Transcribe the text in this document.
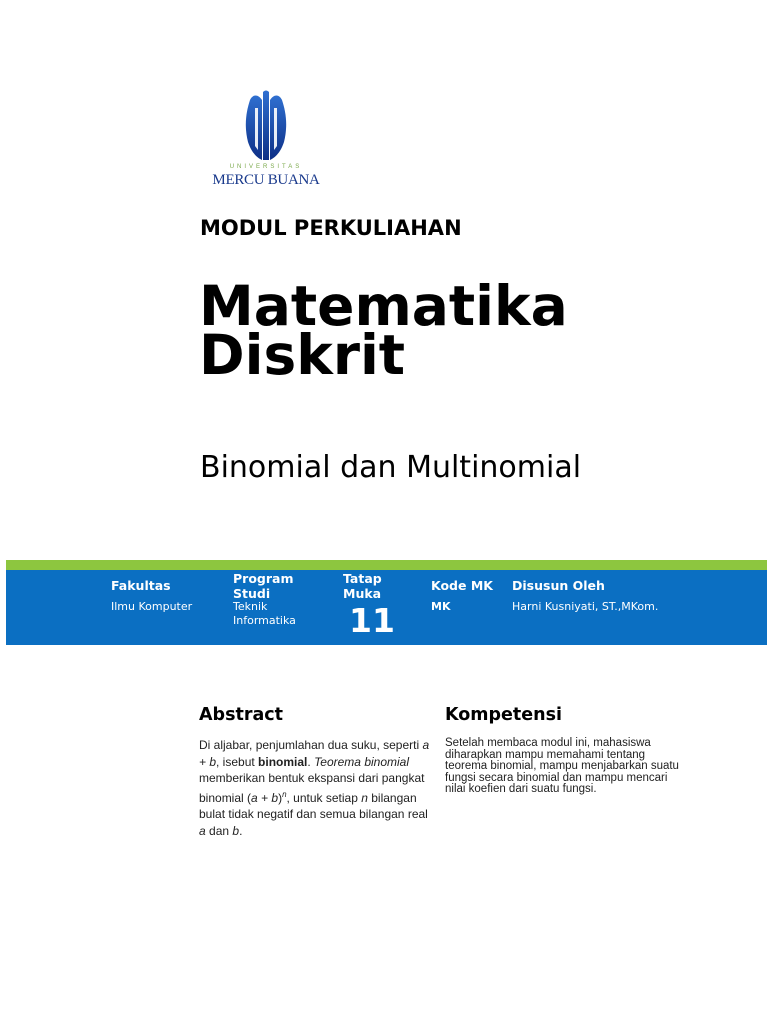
UNIVERSITAS
MERCU BUANA
MODUL PERKULIAHAN
Matematika
Diskrit
Binomial dan Multinomial
Fakultas
Ilmu Komputer
Program
Studi
Teknik
Informatika
Tatap
Muka
11
Kode MK
MK
Disusun Oleh
Harni Kusniyati, ST.,MKom.
Abstract
Di aljabar, penjumlahan dua suku, seperti a + b, isebut binomial. Teorema binomial memberikan bentuk ekspansi dari pangkat binomial $(a + b)^n$, untuk setiap n bilangan bulat tidak negatif dan semua bilangan real a dan b.
Kompetensi
Setelah membaca modul ini, mahasiswa diharapkan mampu memahami tentang teorema binomial, mampu menjabarkan suatu fungsi secara binomial dan mampu mencari nilai koefien dari suatu fungsi.
